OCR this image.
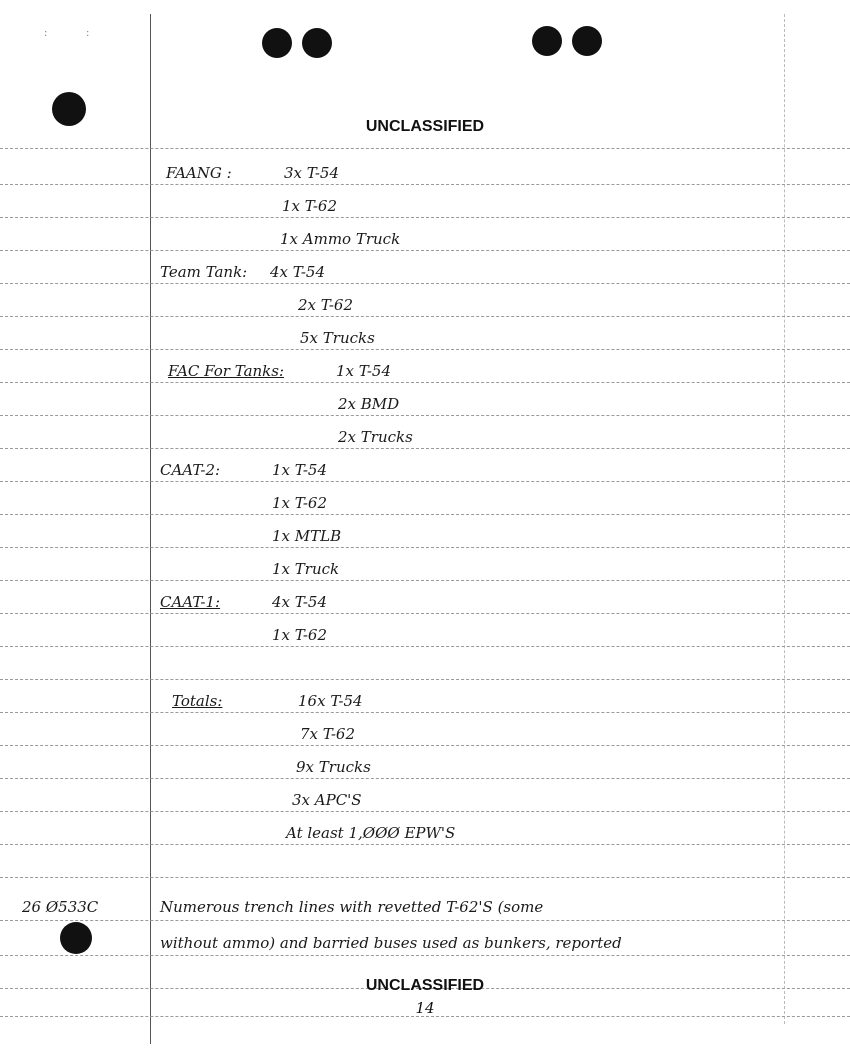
:	:
UNCLASSIFIED
FAANG :	3x T-54
1x T-62
1x Ammo Truck
Team Tank: 4x T-54
2x T-62
5x Trucks
FAC For Tanks:	1x T-54
2x BMD
2x Trucks
CAAT-2:	1x T-54
1x T-62
1x MTLB
1x Truck
CAAT-1:	4x T-54
1x T-62
Totals:	16x T-54
7x T-62
9x Trucks
3x APC'S
At least 1,ØØØ EPW'S
26 Ø533C	Numerous trench lines with revetted T-62'S (some
without ammo) and barried buses used as bunkers, reported
UNCLASSIFIED
14
